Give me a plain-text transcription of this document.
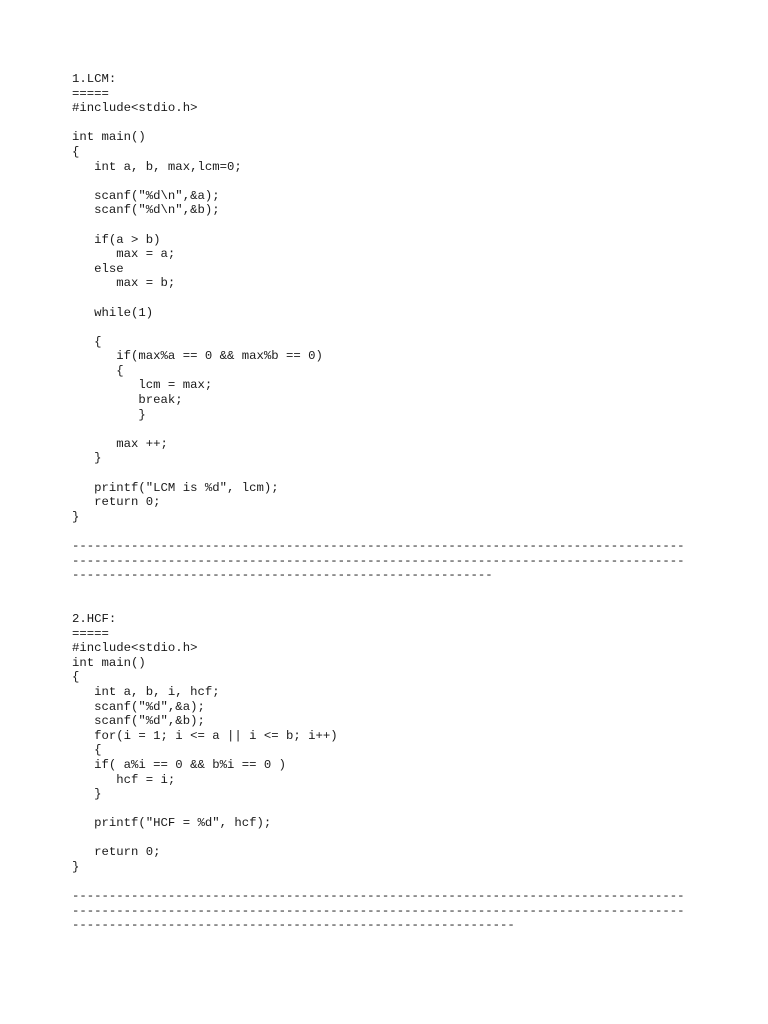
1.LCM:
=====
#include<stdio.h>
int main()
{
int a, b, max,lcm=0;
scanf("%d\n",&a);
scanf("%d\n",&b);
if(a > b)
max = a;
else
max = b;
while(1)
{
if(max%a == 0 && max%b == 0)
{
lcm = max;
break;
}
max ++;
}
printf("LCM is %d", lcm);
return 0;
}
-----------------------------------------------------------------------------------
-----------------------------------------------------------------------------------
---------------------------------------------------------
2.HCF:
=====
#include<stdio.h>
int main()
{
int a, b, i, hcf;
scanf("%d",&a);
scanf("%d",&b);
for(i = 1; i <= a || i <= b; i++)
{
if( a%i == 0 && b%i == 0 )
hcf = i;
}
printf("HCF = %d", hcf);
return 0;
}
-----------------------------------------------------------------------------------
-----------------------------------------------------------------------------------
------------------------------------------------------------
